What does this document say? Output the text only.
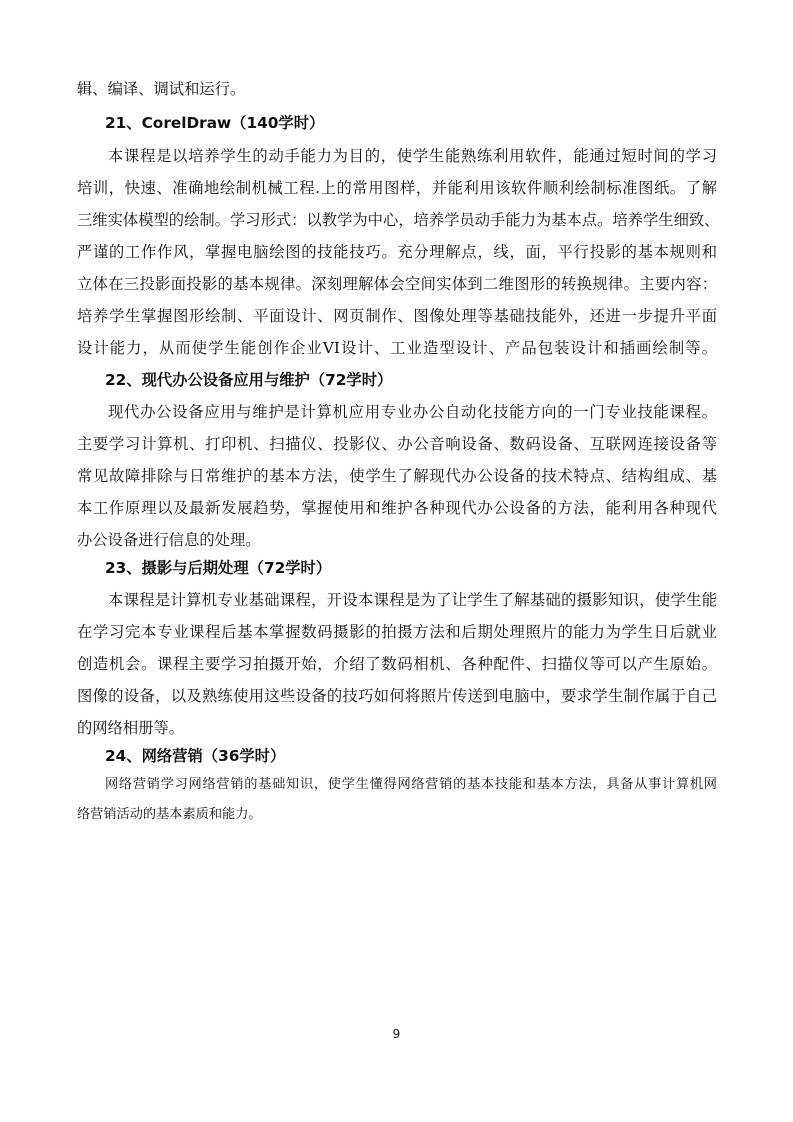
辑、编译、调试和运行。
21、CorelDraw（140学时）
本课程是以培养学生的动手能力为目的，使学生能熟练利用软件，能通过短时间的学习
培训，快速、准确地绘制机械工程.上的常用图样，并能利用该软件顺利绘制标准图纸。了解
三维实体模型的绘制。学习形式：以教学为中心，培养学员动手能力为基本点。培养学生细致、
严谨的工作作风，掌握电脑绘图的技能技巧。充分理解点，线，面，平行投影的基本规则和
立体在三投影面投影的基本规律。深刻理解体会空间实体到二维图形的转换规律。主要内容：
培养学生掌握图形绘制、平面设计、网页制作、图像处理等基础技能外，还进一步提升平面
设计能力，从而使学生能创作企业VI设计、工业造型设计、产品包装设计和插画绘制等。
22、现代办公设备应用与维护（72学时）
现代办公设备应用与维护是计算机应用专业办公自动化技能方向的一门专业技能课程。
主要学习计算机、打印机、扫描仪、投影仪、办公音响设备、数码设备、互联网连接设备等
常见故障排除与日常维护的基本方法，使学生了解现代办公设备的技术特点、结构组成、基
本工作原理以及最新发展趋势，掌握使用和维护各种现代办公设备的方法，能利用各种现代
办公设备进行信息的处理。
23、摄影与后期处理（72学时）
本课程是计算机专业基础课程，开设本课程是为了让学生了解基础的摄影知识，使学生能
在学习完本专业课程后基本掌握数码摄影的拍摄方法和后期处理照片的能力为学生日后就业
创造机会。课程主要学习拍摄开始，介绍了数码相机、各种配件、扫描仪等可以产生原始。
图像的设备，以及熟练使用这些设备的技巧如何将照片传送到电脑中，要求学生制作属于自己
的网络相册等。
24、网络营销（36学时）
网络营销学习网络营销的基础知识，使学生懂得网络营销的基本技能和基本方法，具备从事计算机网
络营销活动的基本素质和能力。
9
